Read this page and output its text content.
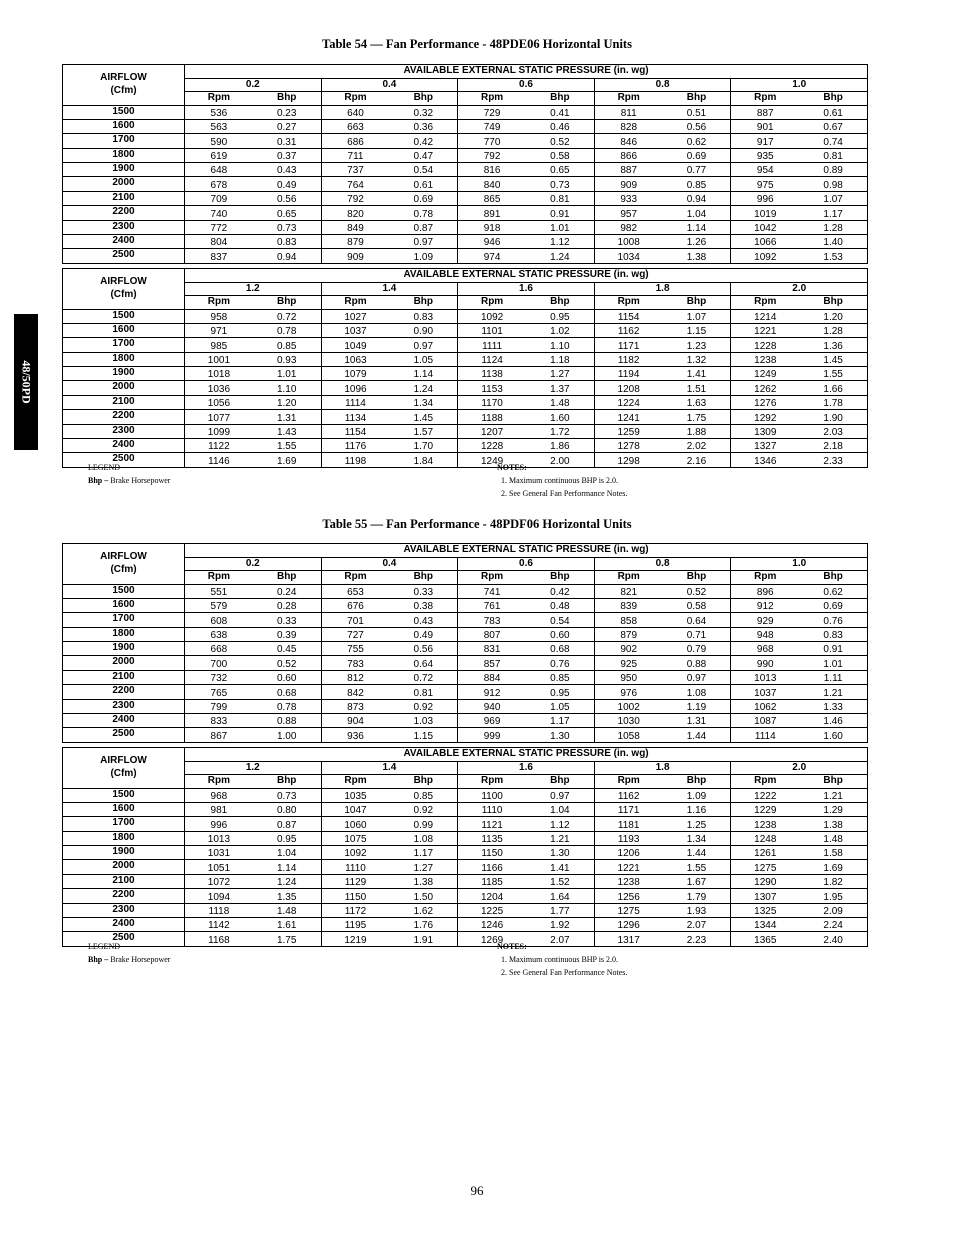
48/50PD
Table 54 — Fan Performance - 48PDE06 Horizontal Units
AIRFLOW
(Cfm)	AVAILABLE EXTERNAL STATIC PRESSURE (in. wg)									
	0.2		0.4		0.6		0.8		1.0	
	Rpm	Bhp	Rpm	Bhp	Rpm	Bhp	Rpm	Bhp	Rpm	Bhp
1500	536	0.23	640	0.32	729	0.41	811	0.51	887	0.61
1600	563	0.27	663	0.36	749	0.46	828	0.56	901	0.67
1700	590	0.31	686	0.42	770	0.52	846	0.62	917	0.74
1800	619	0.37	711	0.47	792	0.58	866	0.69	935	0.81
1900	648	0.43	737	0.54	816	0.65	887	0.77	954	0.89
2000	678	0.49	764	0.61	840	0.73	909	0.85	975	0.98
2100	709	0.56	792	0.69	865	0.81	933	0.94	996	1.07
2200	740	0.65	820	0.78	891	0.91	957	1.04	1019	1.17
2300	772	0.73	849	0.87	918	1.01	982	1.14	1042	1.28
2400	804	0.83	879	0.97	946	1.12	1008	1.26	1066	1.40
2500	837	0.94	909	1.09	974	1.24	1034	1.38	1092	1.53
AIRFLOW
(Cfm)	AVAILABLE EXTERNAL STATIC PRESSURE (in. wg)									
	1.2		1.4		1.6		1.8		2.0	
	Rpm	Bhp	Rpm	Bhp	Rpm	Bhp	Rpm	Bhp	Rpm	Bhp
1500	958	0.72	1027	0.83	1092	0.95	1154	1.07	1214	1.20
1600	971	0.78	1037	0.90	1101	1.02	1162	1.15	1221	1.28
1700	985	0.85	1049	0.97	1111	1.10	1171	1.23	1228	1.36
1800	1001	0.93	1063	1.05	1124	1.18	1182	1.32	1238	1.45
1900	1018	1.01	1079	1.14	1138	1.27	1194	1.41	1249	1.55
2000	1036	1.10	1096	1.24	1153	1.37	1208	1.51	1262	1.66
2100	1056	1.20	1114	1.34	1170	1.48	1224	1.63	1276	1.78
2200	1077	1.31	1134	1.45	1188	1.60	1241	1.75	1292	1.90
2300	1099	1.43	1154	1.57	1207	1.72	1259	1.88	1309	2.03
2400	1122	1.55	1176	1.70	1228	1.86	1278	2.02	1327	2.18
2500	1146	1.69	1198	1.84	1249	2.00	1298	2.16	1346	2.33
LEGEND
Bhp – Brake Horsepower
NOTES:
1. Maximum continuous BHP is 2.0.
2. See General Fan Performance Notes.
Table 55 — Fan Performance - 48PDF06 Horizontal Units
AIRFLOW
(Cfm)	AVAILABLE EXTERNAL STATIC PRESSURE (in. wg)									
	0.2		0.4		0.6		0.8		1.0	
	Rpm	Bhp	Rpm	Bhp	Rpm	Bhp	Rpm	Bhp	Rpm	Bhp
1500	551	0.24	653	0.33	741	0.42	821	0.52	896	0.62
1600	579	0.28	676	0.38	761	0.48	839	0.58	912	0.69
1700	608	0.33	701	0.43	783	0.54	858	0.64	929	0.76
1800	638	0.39	727	0.49	807	0.60	879	0.71	948	0.83
1900	668	0.45	755	0.56	831	0.68	902	0.79	968	0.91
2000	700	0.52	783	0.64	857	0.76	925	0.88	990	1.01
2100	732	0.60	812	0.72	884	0.85	950	0.97	1013	1.11
2200	765	0.68	842	0.81	912	0.95	976	1.08	1037	1.21
2300	799	0.78	873	0.92	940	1.05	1002	1.19	1062	1.33
2400	833	0.88	904	1.03	969	1.17	1030	1.31	1087	1.46
2500	867	1.00	936	1.15	999	1.30	1058	1.44	1114	1.60
AIRFLOW
(Cfm)	AVAILABLE EXTERNAL STATIC PRESSURE (in. wg)									
	1.2		1.4		1.6		1.8		2.0	
	Rpm	Bhp	Rpm	Bhp	Rpm	Bhp	Rpm	Bhp	Rpm	Bhp
1500	968	0.73	1035	0.85	1100	0.97	1162	1.09	1222	1.21
1600	981	0.80	1047	0.92	1110	1.04	1171	1.16	1229	1.29
1700	996	0.87	1060	0.99	1121	1.12	1181	1.25	1238	1.38
1800	1013	0.95	1075	1.08	1135	1.21	1193	1.34	1248	1.48
1900	1031	1.04	1092	1.17	1150	1.30	1206	1.44	1261	1.58
2000	1051	1.14	1110	1.27	1166	1.41	1221	1.55	1275	1.69
2100	1072	1.24	1129	1.38	1185	1.52	1238	1.67	1290	1.82
2200	1094	1.35	1150	1.50	1204	1.64	1256	1.79	1307	1.95
2300	1118	1.48	1172	1.62	1225	1.77	1275	1.93	1325	2.09
2400	1142	1.61	1195	1.76	1246	1.92	1296	2.07	1344	2.24
2500	1168	1.75	1219	1.91	1269	2.07	1317	2.23	1365	2.40
LEGEND
Bhp – Brake Horsepower
NOTES:
1. Maximum continuous BHP is 2.0.
2. See General Fan Performance Notes.
96
